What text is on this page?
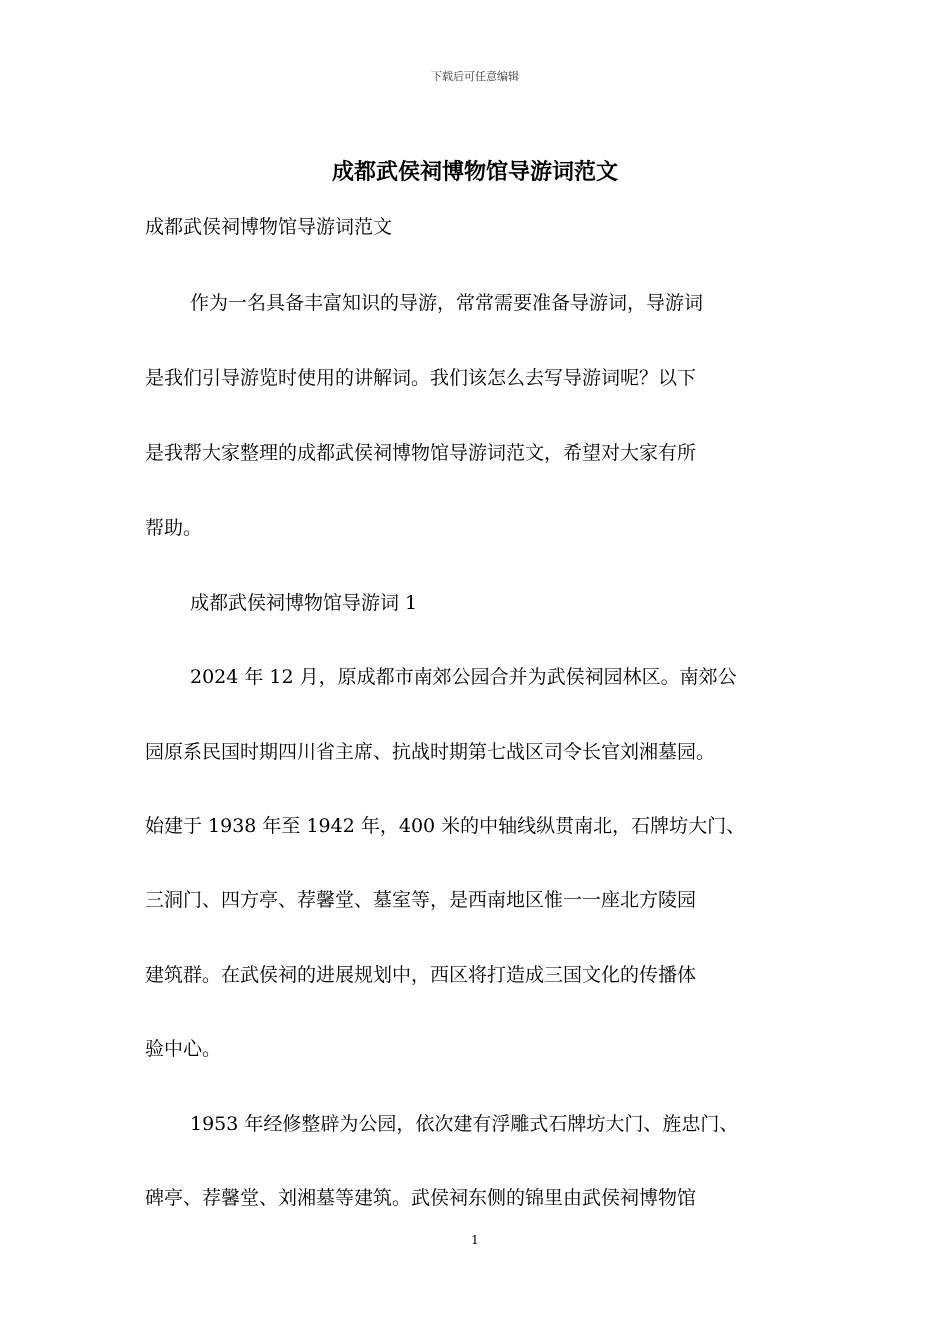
下载后可任意编辑
成都武侯祠博物馆导游词范文

成都武侯祠博物馆导游词范文

作为一名具备丰富知识的导游，常常需要准备导游词，导游词

是我们引导游览时使用的讲解词。我们该怎么去写导游词呢？以下

是我帮大家整理的成都武侯祠博物馆导游词范文，希望对大家有所

帮助。

成都武侯祠博物馆导游词 1

2024 年 12 月，原成都市南郊公园合并为武侯祠园林区。南郊公

园原系民国时期四川省主席、抗战时期第七战区司令长官刘湘墓园。

始建于 1938 年至 1942 年，400 米的中轴线纵贯南北，石牌坊大门、

三洞门、四方亭、荐馨堂、墓室等，是西南地区惟一一座北方陵园

建筑群。在武侯祠的进展规划中，西区将打造成三国文化的传播体

验中心。

1953 年经修整辟为公园，依次建有浮雕式石牌坊大门、旌忠门、

碑亭、荐馨堂、刘湘墓等建筑。武侯祠东侧的锦里由武侯祠博物馆

1
